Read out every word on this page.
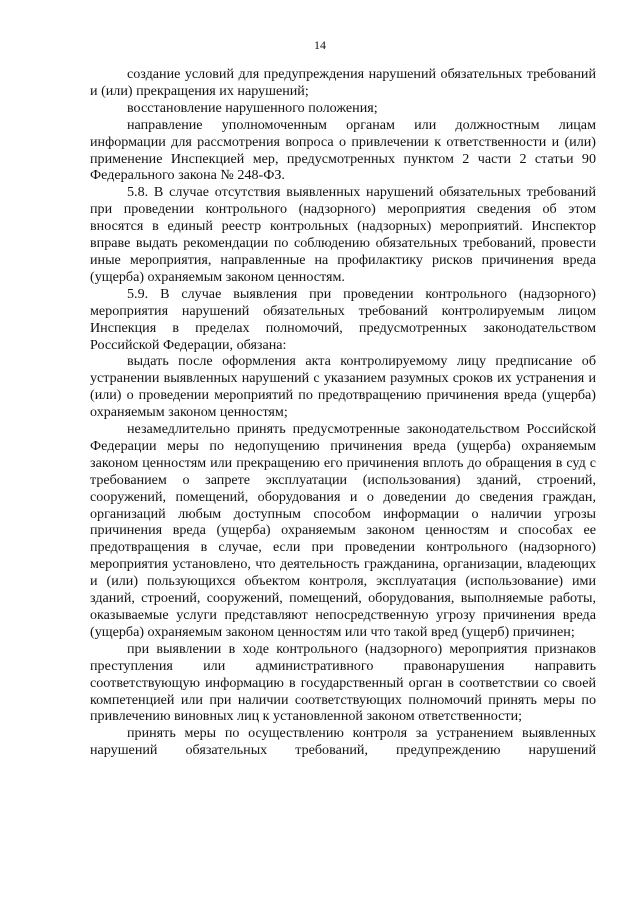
14

создание условий для предупреждения нарушений обязательных требований и (или) прекращения их нарушений;

восстановление нарушенного положения;

направление уполномоченным органам или должностным лицам информации для рассмотрения вопроса о привлечении к ответственности и (или) применение Инспекцией мер, предусмотренных пунктом 2 части 2 статьи 90 Федерального закона № 248-ФЗ.

5.8. В случае отсутствия выявленных нарушений обязательных требований при проведении контрольного (надзорного) мероприятия сведения об этом вносятся в единый реестр контрольных (надзорных) мероприятий. Инспектор вправе выдать рекомендации по соблюдению обязательных требований, провести иные мероприятия, направленные на профилактику рисков причинения вреда (ущерба) охраняемым законом ценностям.

5.9. В случае выявления при проведении контрольного (надзорного) мероприятия нарушений обязательных требований контролируемым лицом Инспекция в пределах полномочий, предусмотренных законодательством Российской Федерации, обязана:

выдать после оформления акта контролируемому лицу предписание об устранении выявленных нарушений с указанием разумных сроков их устранения и (или) о проведении мероприятий по предотвращению причинения вреда (ущерба) охраняемым законом ценностям;

незамедлительно принять предусмотренные законодательством Российской Федерации меры по недопущению причинения вреда (ущерба) охраняемым законом ценностям или прекращению его причинения вплоть до обращения в суд с требованием о запрете эксплуатации (использования) зданий, строений, сооружений, помещений, оборудования и о доведении до сведения граждан, организаций любым доступным способом информации о наличии угрозы причинения вреда (ущерба) охраняемым законом ценностям и способах ее предотвращения в случае, если при проведении контрольного (надзорного) мероприятия установлено, что деятельность гражданина, организации, владеющих и (или) пользующихся объектом контроля, эксплуатация (использование) ими зданий, строений, сооружений, помещений, оборудования, выполняемые работы, оказываемые услуги представляют непосредственную угрозу причинения вреда (ущерба) охраняемым законом ценностям или что такой вред (ущерб) причинен;

при выявлении в ходе контрольного (надзорного) мероприятия признаков преступления или административного правонарушения направить соответствующую информацию в государственный орган в соответствии со своей компетенцией или при наличии соответствующих полномочий принять меры по привлечению виновных лиц к установленной законом ответственности;

принять меры по осуществлению контроля за устранением выявленных нарушений обязательных требований, предупреждению нарушений
